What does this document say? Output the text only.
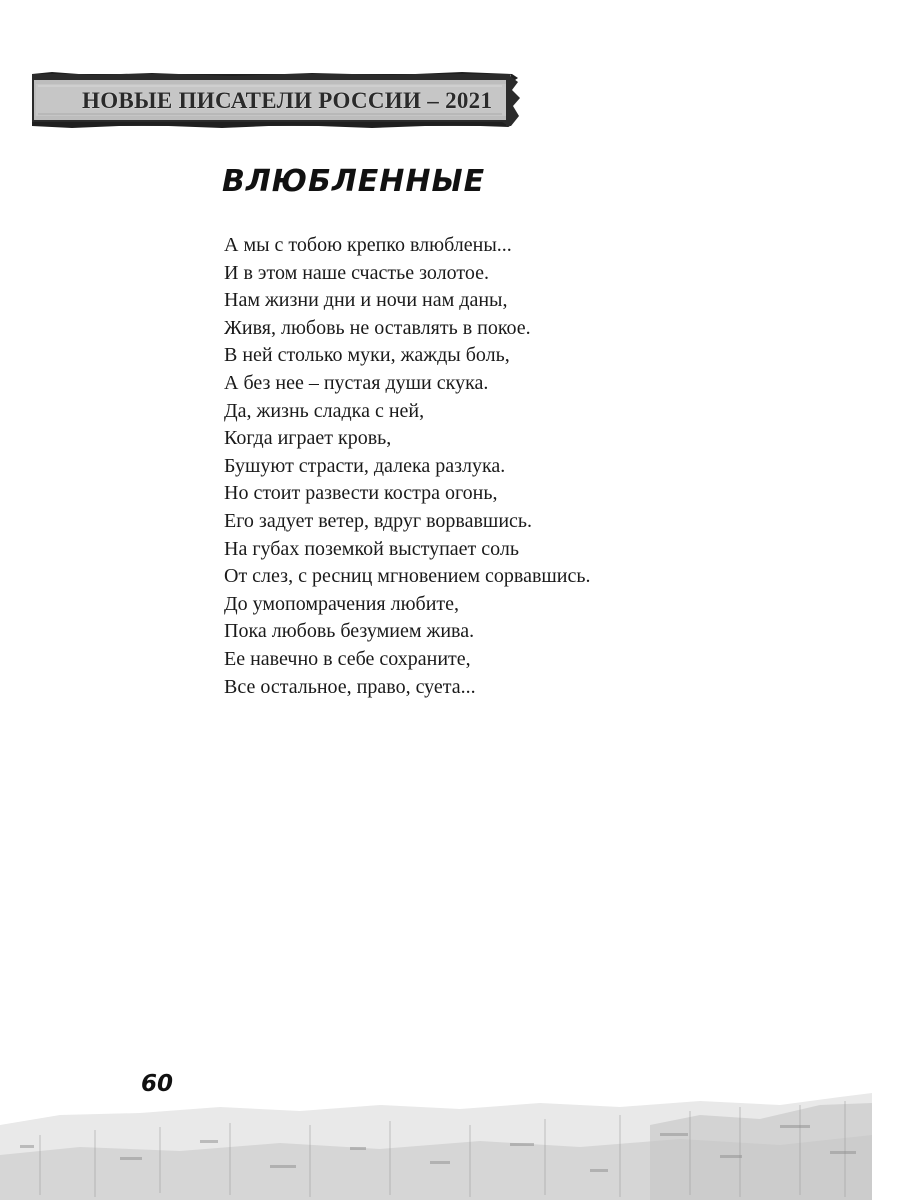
НОВЫЕ ПИСАТЕЛИ РОССИИ – 2021
ВЛЮБЛЕННЫЕ
А мы с тобою крепко влюблены...
И в этом наше счастье золотое.
Нам жизни дни и ночи нам даны,
Живя, любовь не оставлять в покое.
В ней столько муки, жажды боль,
А без нее – пустая души скука.
Да, жизнь сладка с ней,
Когда играет кровь,
Бушуют страсти, далека разлука.
Но стоит развести костра огонь,
Его задует ветер, вдруг ворвавшись.
На губах поземкой выступает соль
От слез, с ресниц мгновением сорвавшись.
До умопомрачения любите,
Пока любовь безумием жива.
Ее навечно в себе сохраните,
Все остальное, право, суета...
60
